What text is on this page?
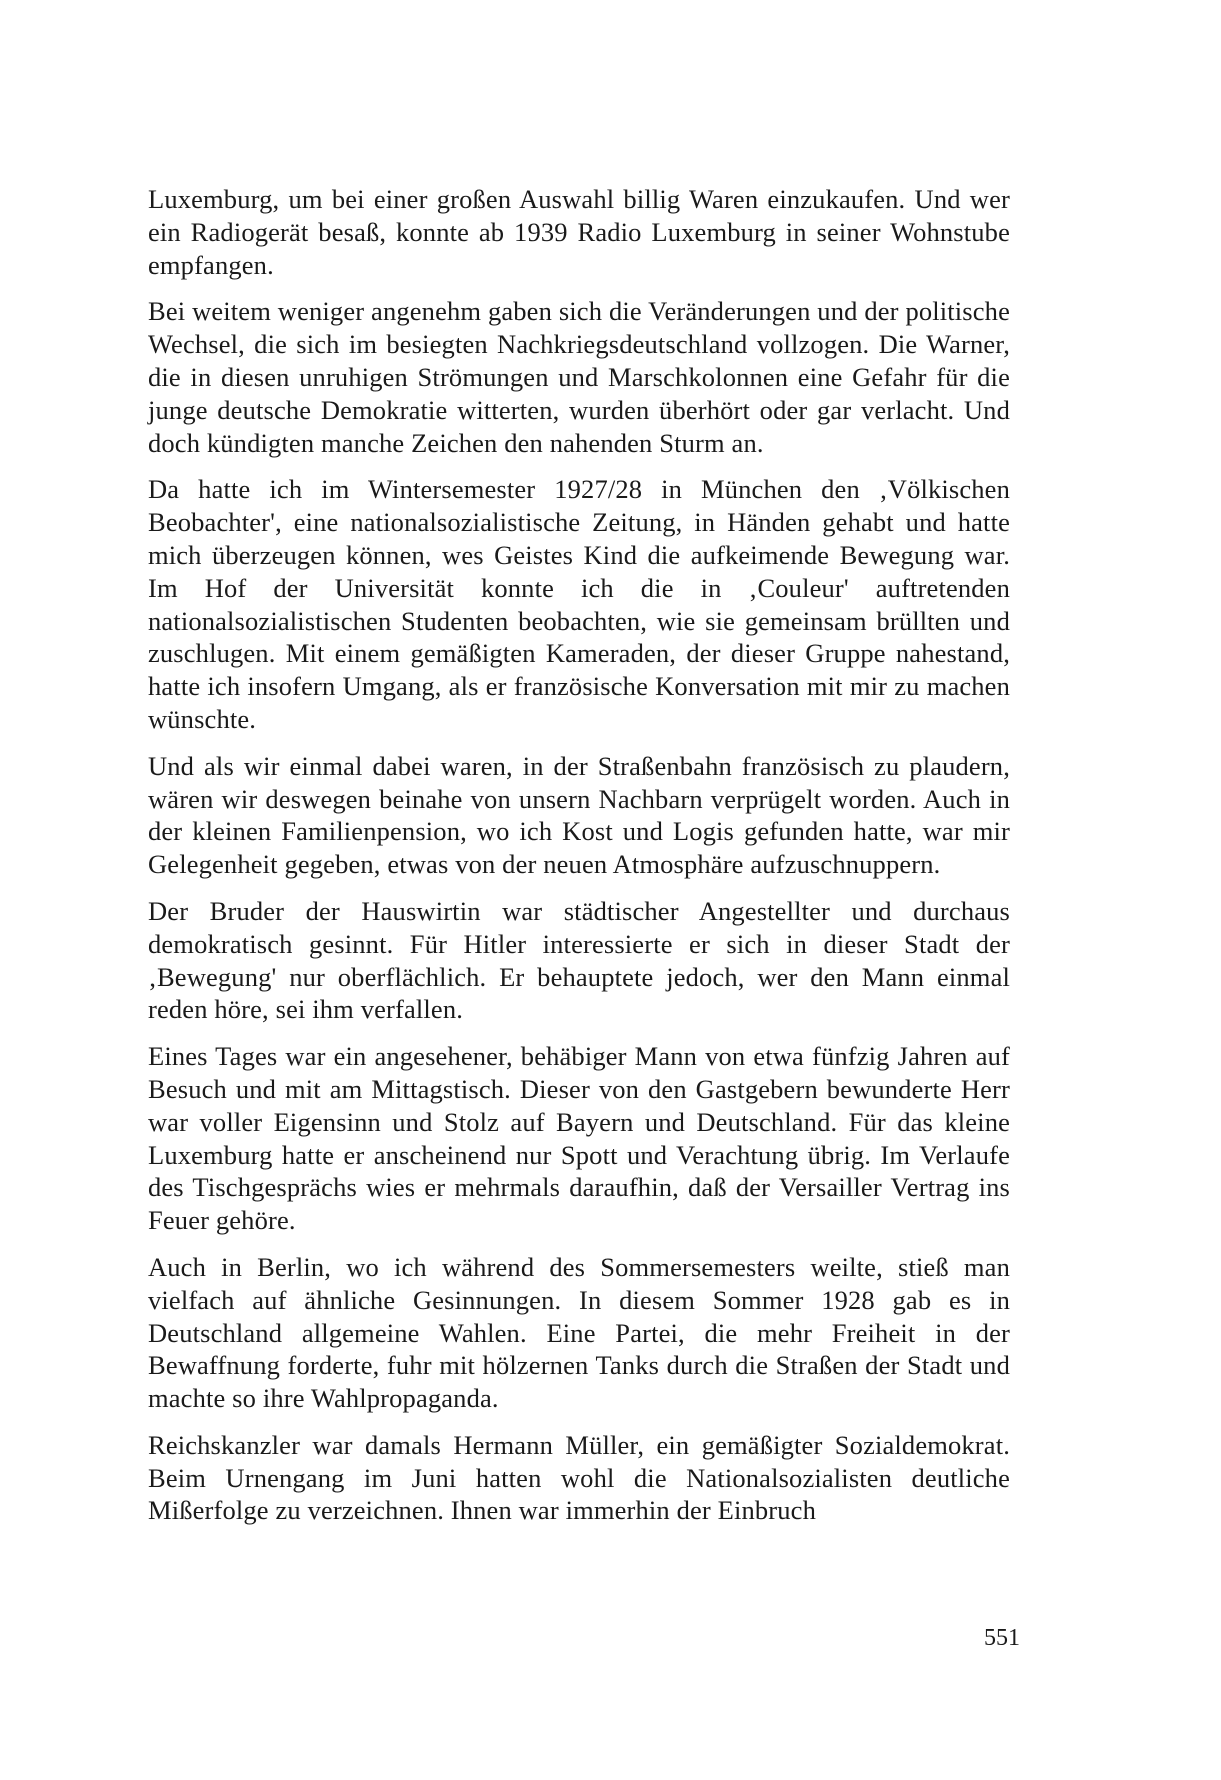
Luxemburg, um bei einer großen Auswahl billig Waren einzukaufen. Und wer ein Radiogerät besaß, konnte ab 1939 Radio Luxemburg in seiner Wohnstube empfangen.

Bei weitem weniger angenehm gaben sich die Veränderungen und der politische Wechsel, die sich im besiegten Nachkriegsdeutschland vollzogen. Die Warner, die in diesen unruhigen Strömungen und Marschkolonnen eine Gefahr für die junge deutsche Demokratie witterten, wurden überhört oder gar verlacht. Und doch kündigten manche Zeichen den nahenden Sturm an.

Da hatte ich im Wintersemester 1927/28 in München den ‚Völkischen Beobachter', eine nationalsozialistische Zeitung, in Händen gehabt und hatte mich überzeugen können, wes Geistes Kind die aufkeimende Bewegung war. Im Hof der Universität konnte ich die in ‚Couleur' auftretenden nationalsozialistischen Studenten beobachten, wie sie gemeinsam brüllten und zuschlugen. Mit einem gemäßigten Kameraden, der dieser Gruppe nahestand, hatte ich insofern Umgang, als er französische Konversation mit mir zu machen wünschte.

Und als wir einmal dabei waren, in der Straßenbahn französisch zu plaudern, wären wir deswegen beinahe von unsern Nachbarn verprügelt worden. Auch in der kleinen Familienpension, wo ich Kost und Logis gefunden hatte, war mir Gelegenheit gegeben, etwas von der neuen Atmosphäre aufzuschnuppern.

Der Bruder der Hauswirtin war städtischer Angestellter und durchaus demokratisch gesinnt. Für Hitler interessierte er sich in dieser Stadt der ‚Bewegung' nur oberflächlich. Er behauptete jedoch, wer den Mann einmal reden höre, sei ihm verfallen.

Eines Tages war ein angesehener, behäbiger Mann von etwa fünfzig Jahren auf Besuch und mit am Mittagstisch. Dieser von den Gastgebern bewunderte Herr war voller Eigensinn und Stolz auf Bayern und Deutschland. Für das kleine Luxemburg hatte er anscheinend nur Spott und Verachtung übrig. Im Verlaufe des Tischgesprächs wies er mehrmals daraufhin, daß der Versailler Vertrag ins Feuer gehöre.

Auch in Berlin, wo ich während des Sommersemesters weilte, stieß man vielfach auf ähnliche Gesinnungen. In diesem Sommer 1928 gab es in Deutschland allgemeine Wahlen. Eine Partei, die mehr Freiheit in der Bewaffnung forderte, fuhr mit hölzernen Tanks durch die Straßen der Stadt und machte so ihre Wahlpropaganda.

Reichskanzler war damals Hermann Müller, ein gemäßigter Sozialdemokrat. Beim Urnengang im Juni hatten wohl die Nationalsozialisten deutliche Mißerfolge zu verzeichnen. Ihnen war immerhin der Einbruch

551
